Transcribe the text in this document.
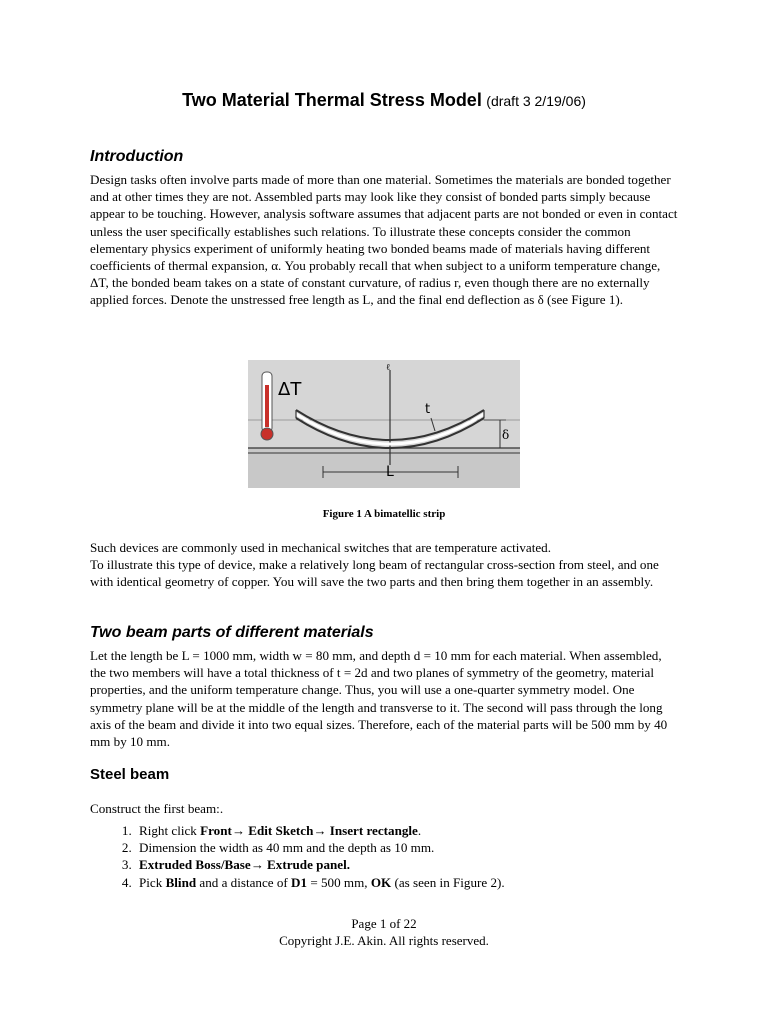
Two Material Thermal Stress Model (draft 3 2/19/06)
Introduction

Design tasks often involve parts made of more than one material. Sometimes the materials are bonded together and at other times they are not. Assembled parts may look like they consist of bonded parts simply because appear to be touching. However, analysis software assumes that adjacent parts are not bonded or even in contact unless the user specifically establishes such relations. To illustrate these concepts consider the common elementary physics experiment of uniformly heating two bonded beams made of materials having different coefficients of thermal expansion, α. You probably recall that when subject to a uniform temperature change, ΔT, the bonded beam takes on a state of constant curvature, of radius r, even though there are no externally applied forces. Denote the unstressed free length as L, and the final end deflection as δ (see Figure 1).

ℓ
ΔT
t
δ
L
Figure 1 A bimatellic strip

Such devices are commonly used in mechanical switches that are temperature activated.
To illustrate this type of device, make a relatively long beam of rectangular cross-section from steel, and one with identical geometry of copper. You will save the two parts and then bring them together in an assembly.

Two beam parts of different materials

Let the length be L = 1000 mm, width w = 80 mm, and depth d = 10 mm for each material. When assembled, the two members will have a total thickness of t = 2d and two planes of symmetry of the geometry, material properties, and the uniform temperature change. Thus, you will use a one-quarter symmetry model. One symmetry plane will be at the middle of the length and transverse to it. The second will pass through the long axis of the beam and divide it into two equal sizes. Therefore, each of the material parts will be 500 mm by 40 mm by 10 mm.

Steel beam

Construct the first beam:.

1. Right click Front→ Edit Sketch→ Insert rectangle.
2. Dimension the width as 40 mm and the depth as 10 mm.
3. Extruded Boss/Base→ Extrude panel.
4. Pick Blind and a distance of D1 = 500 mm, OK (as seen in Figure 2).
Page 1 of 22
Copyright J.E. Akin. All rights reserved.
